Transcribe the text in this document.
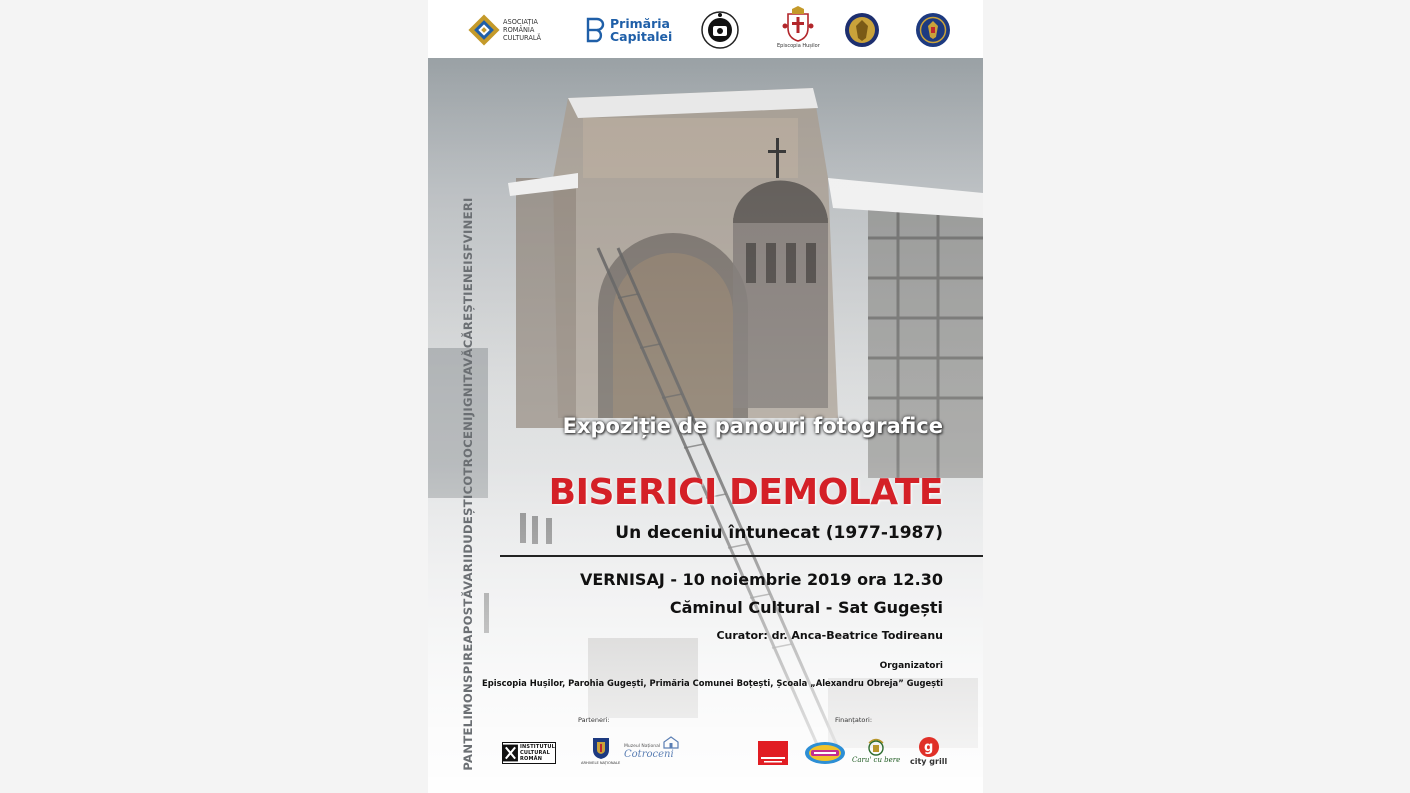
ASOCIAȚIA
ROMÂNIA
CULTURALĂ
Primăria
Capitalei
Episcopia Hușilor
PANTELIMONSPIREAPOSTĂVARIIDUDEȘTICOTROCENIJIGNITAVĂCĂREȘTIENEISFVINERI	Expoziție de panouri fotografice
BISERICI DEMOLATE
Un deceniu întunecat (1977-1987)
VERNISAJ - 10 noiembrie 2019 ora 12.30
Căminul Cultural - Sat Gugești
Curator: dr. Anca-Beatrice Todireanu
Organizatori
Episcopia Hușilor, Parohia Gugești, Primăria Comunei Boțești, Școala „Alexandru Obreja” Gugești
Parteneri:	Finanțatori:
INSTITUTUL
CULTURAL
ROMÂN
ARHIVELE NAȚIONALE
Muzeul Național
Cotroceni	Caru' cu bere
g
city grill
